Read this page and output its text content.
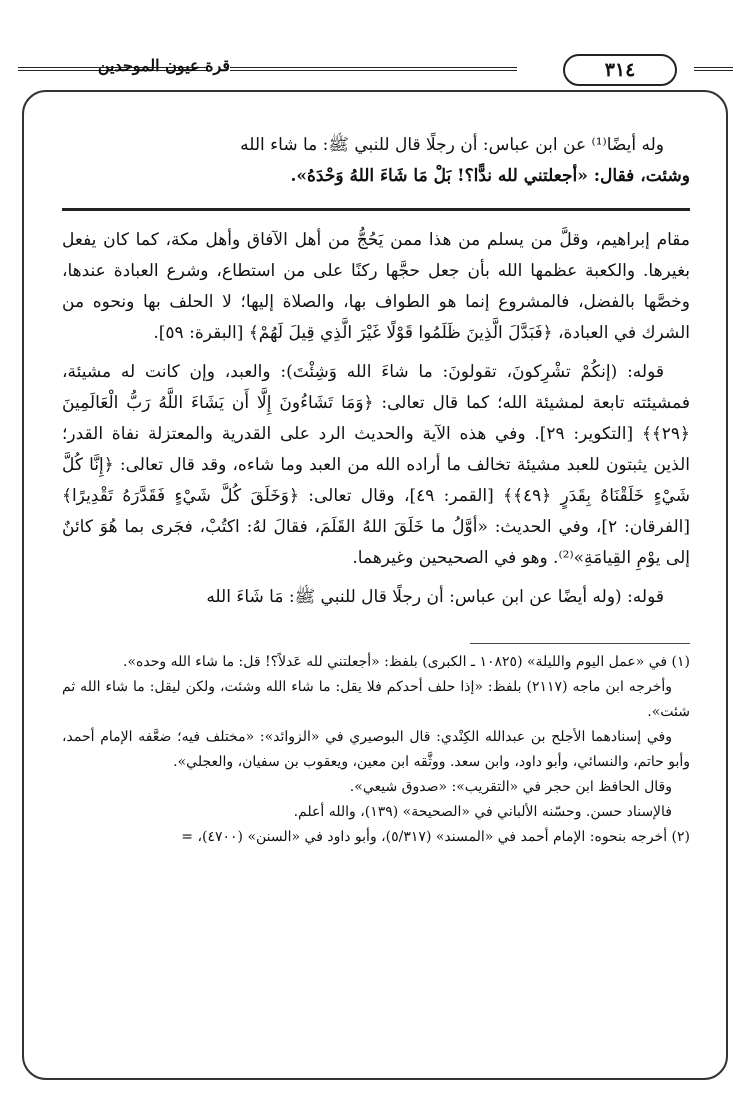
قرة عيون الموحدين	٣١٤

وله أيضًا⁽¹⁾ عن ابن عباس: أن رجلًا قال للنبي ﷺ: ما شاء الله

وشئت، فقال: «أجعلتني لله ندًّا؟! بَلْ مَا شَاءَ اللهُ وَحْدَهُ».

مقام إبراهيم، وقلَّ من يسلم من هذا ممن يَحُجُّ من أهل الآفاق وأهل مكة، كما كان يفعل بغيرها. والكعبة عظمها الله بأن جعل حجَّها ركنًا على من استطاع، وشرع العبادة عندها، وخصَّها بالفضل، فالمشروع إنما هو الطواف بها، والصلاة إليها؛ لا الحلف بها ونحوه من الشرك في العبادة، ﴿فَبَدَّلَ الَّذِينَ ظَلَمُوا قَوْلًا غَيْرَ الَّذِي قِيلَ لَهُمْ﴾ [البقرة: ٥٩].

قوله: (إنكُمْ تشْرِكونَ، تقولونَ: ما شاءَ الله وَشِئْتَ): والعبد، وإن كانت له مشيئة، فمشيئته تابعة لمشيئة الله؛ كما قال تعالى: ﴿وَمَا تَشَاءُونَ إِلَّا أَن يَشَاءَ اللَّهُ رَبُّ الْعَالَمِينَ ﴿٢٩﴾﴾ [التكوير: ٢٩]. وفي هذه الآية والحديث الرد على القدرية والمعتزلة نفاة القدر؛ الذين يثبتون للعبد مشيئة تخالف ما أراده الله من العبد وما شاءه، وقد قال تعالى: ﴿إِنَّا كُلَّ شَيْءٍ خَلَقْنَاهُ بِقَدَرٍ ﴿٤٩﴾﴾ [القمر: ٤٩]، وقال تعالى: ﴿وَخَلَقَ كُلَّ شَيْءٍ فَقَدَّرَهُ تَقْدِيرًا﴾ [الفرقان: ٢]، وفي الحديث: «أوَّلُ ما خَلَقَ اللهُ القَلَمَ، فقالَ لهُ: اكتُبْ، فجَرى بما هُوَ كائنٌ إلى يوْمِ القِيامَةِ»⁽²⁾. وهو في الصحيحين وغيرهما.

قوله: (وله أيضًا عن ابن عباس: أن رجلًا قال للنبي ﷺ: مَا شَاءَ الله

(١) في «عمل اليوم والليلة» (١٠٨٢٥ ـ الكبرى) بلفظ: «أجعلتني لله عَدلاً؟! قل: ما شاء الله وحده».

وأخرجه ابن ماجه (٢١١٧) بلفظ: «إذا حلف أحدكم فلا يقل: ما شاء الله وشئت، ولكن ليقل: ما شاء الله ثم شئت».

وفي إسنادهما الأجلح بن عبدالله الكِنْدي: قال البوصيري في «الزوائد»: «مختلف فيه؛ ضعَّفه الإمام أحمد، وأبو حاتم، والنسائي، وأبو داود، وابن سعد. ووثَّقه ابن معين، ويعقوب بن سفيان، والعجلي».

وقال الحافظ ابن حجر في «التقريب»: «صدوق شيعي».

فالإسناد حسن. وحسّنه الألباني في «الصحيحة» (١٣٩)، والله أعلم.

(٢) أخرجه بنحوه: الإمام أحمد في «المسند» (٥/٣١٧)، وأبو داود في «السنن» (٤٧٠٠)، =
